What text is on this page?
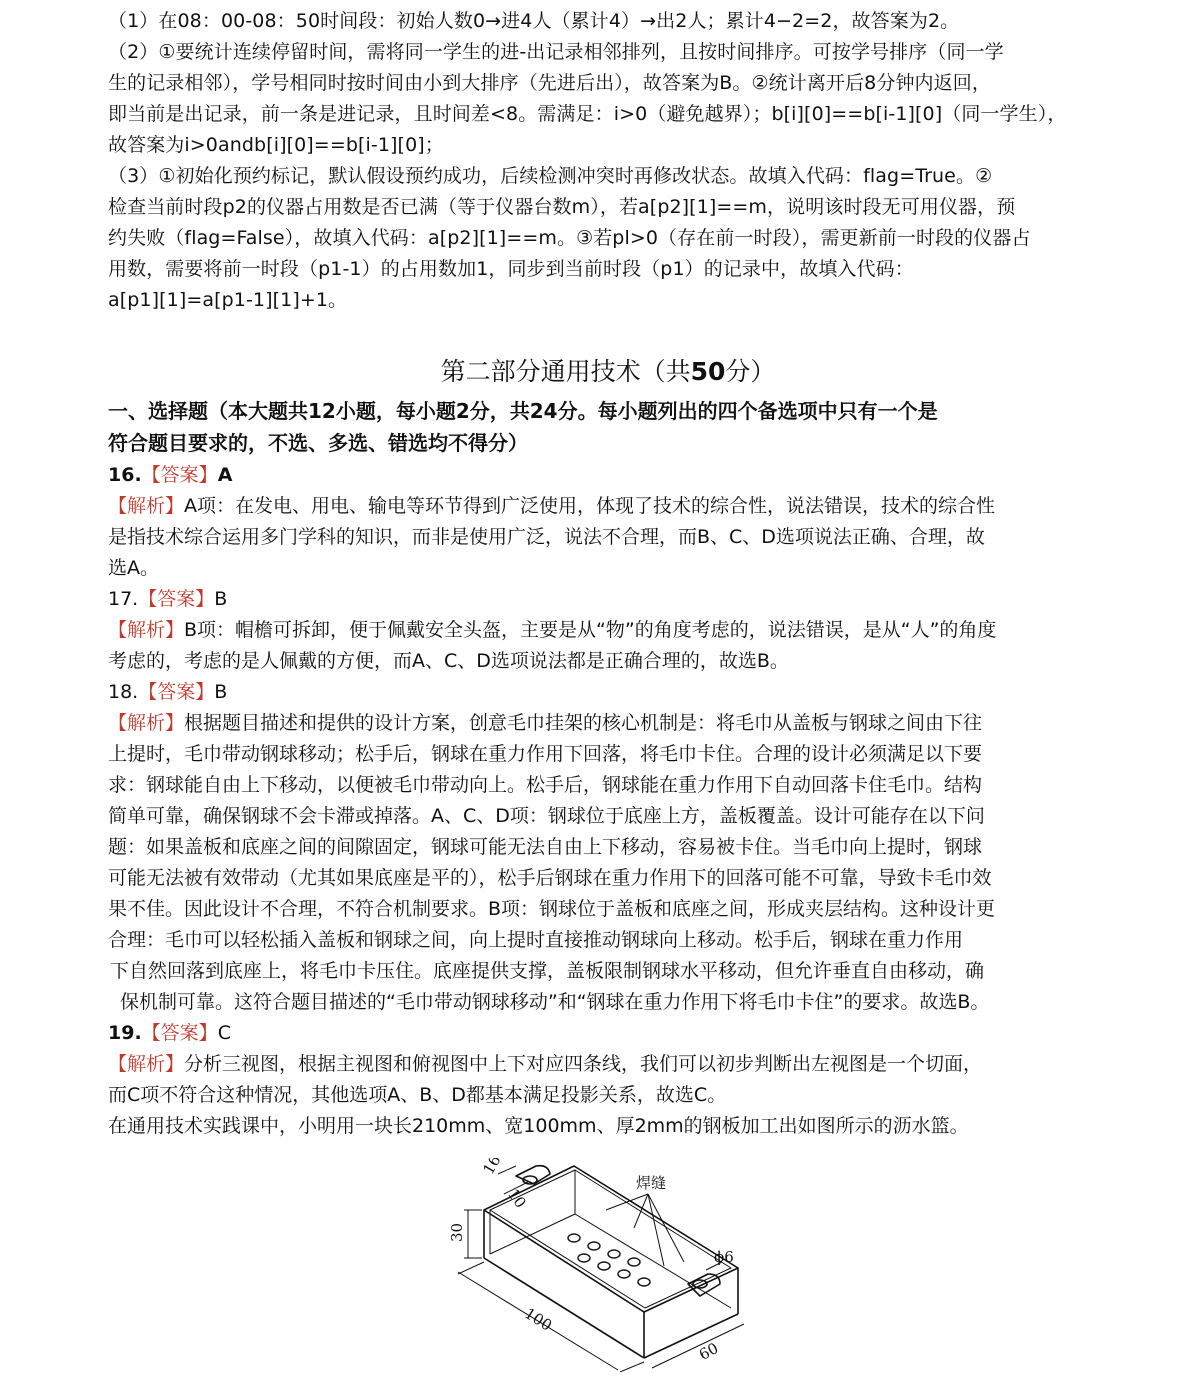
（1）在08：00-08：50时间段：初始人数0→进4人（累计4）→出2人；累计4−2=2，故答案为2。

（2）①要统计连续停留时间，需将同一学生的进-出记录相邻排列，且按时间排序。可按学号排序（同一学

生的记录相邻），学号相同时按时间由小到大排序（先进后出），故答案为B。②统计离开后8分钟内返回，

即当前是出记录，前一条是进记录，且时间差<8。需满足：i>0（避免越界）；b[i][0]==b[i-1][0]（同一学生），

故答案为i>0andb[i][0]==b[i-1][0]；

（3）①初始化预约标记，默认假设预约成功，后续检测冲突时再修改状态。故填入代码：flag=True。②

检查当前时段p2的仪器占用数是否已满（等于仪器台数m），若a[p2][1]==m，说明该时段无可用仪器，预

约失败（flag=False），故填入代码：a[p2][1]==m。③若pl>0（存在前一时段），需更新前一时段的仪器占

用数，需要将前一时段（p1-1）的占用数加1，同步到当前时段（p1）的记录中，故填入代码：

a[p1][1]=a[p1-1][1]+1。

第二部分通用技术（共50分）
一、选择题（本大题共12小题，每小题2分，共24分。每小题列出的四个备选项中只有一个是
符合题目要求的，不选、多选、错选均不得分）

16.【答案】A

【解析】A项：在发电、用电、输电等环节得到广泛使用，体现了技术的综合性，说法错误，技术的综合性

是指技术综合运用多门学科的知识，而非是使用广泛，说法不合理，而B、C、D选项说法正确、合理，故

选A。

17.【答案】B

【解析】B项：帽檐可拆卸，便于佩戴安全头盔，主要是从“物”的角度考虑的，说法错误，是从“人”的角度

考虑的，考虑的是人佩戴的方便，而A、C、D选项说法都是正确合理的，故选B。

18.【答案】B

【解析】根据题目描述和提供的设计方案，创意毛巾挂架的核心机制是：将毛巾从盖板与钢球之间由下往

上提时，毛巾带动钢球移动；松手后，钢球在重力作用下回落，将毛巾卡住。合理的设计必须满足以下要

求：钢球能自由上下移动，以便被毛巾带动向上。松手后，钢球能在重力作用下自动回落卡住毛巾。结构

简单可靠，确保钢球不会卡滞或掉落。A、C、D项：钢球位于底座上方，盖板覆盖。设计可能存在以下问

题：如果盖板和底座之间的间隙固定，钢球可能无法自由上下移动，容易被卡住。当毛巾向上提时，钢球

可能无法被有效带动（尤其如果底座是平的），松手后钢球在重力作用下的回落可能不可靠，导致卡毛巾效

果不佳。因此设计不合理，不符合机制要求。B项：钢球位于盖板和底座之间，形成夹层结构。这种设计更

合理：毛巾可以轻松插入盖板和钢球之间，向上提时直接推动钢球向上移动。松手后，钢球在重力作用

下自然回落到底座上，将毛巾卡压住。底座提供支撑，盖板限制钢球水平移动，但允许垂直自由移动，确

保机制可靠。这符合题目描述的“毛巾带动钢球移动”和“钢球在重力作用下将毛巾卡住”的要求。故选B。

19.【答案】C

【解析】分析三视图，根据主视图和俯视图中上下对应四条线，我们可以初步判断出左视图是一个切面，

而C项不符合这种情况，其他选项A、B、D都基本满足投影关系，故选C。

在通用技术实践课中，小明用一块长210mm、宽100mm、厚2mm的钢板加工出如图所示的沥水篮。

焊缝
16
10
30
ϕ6
100
60
